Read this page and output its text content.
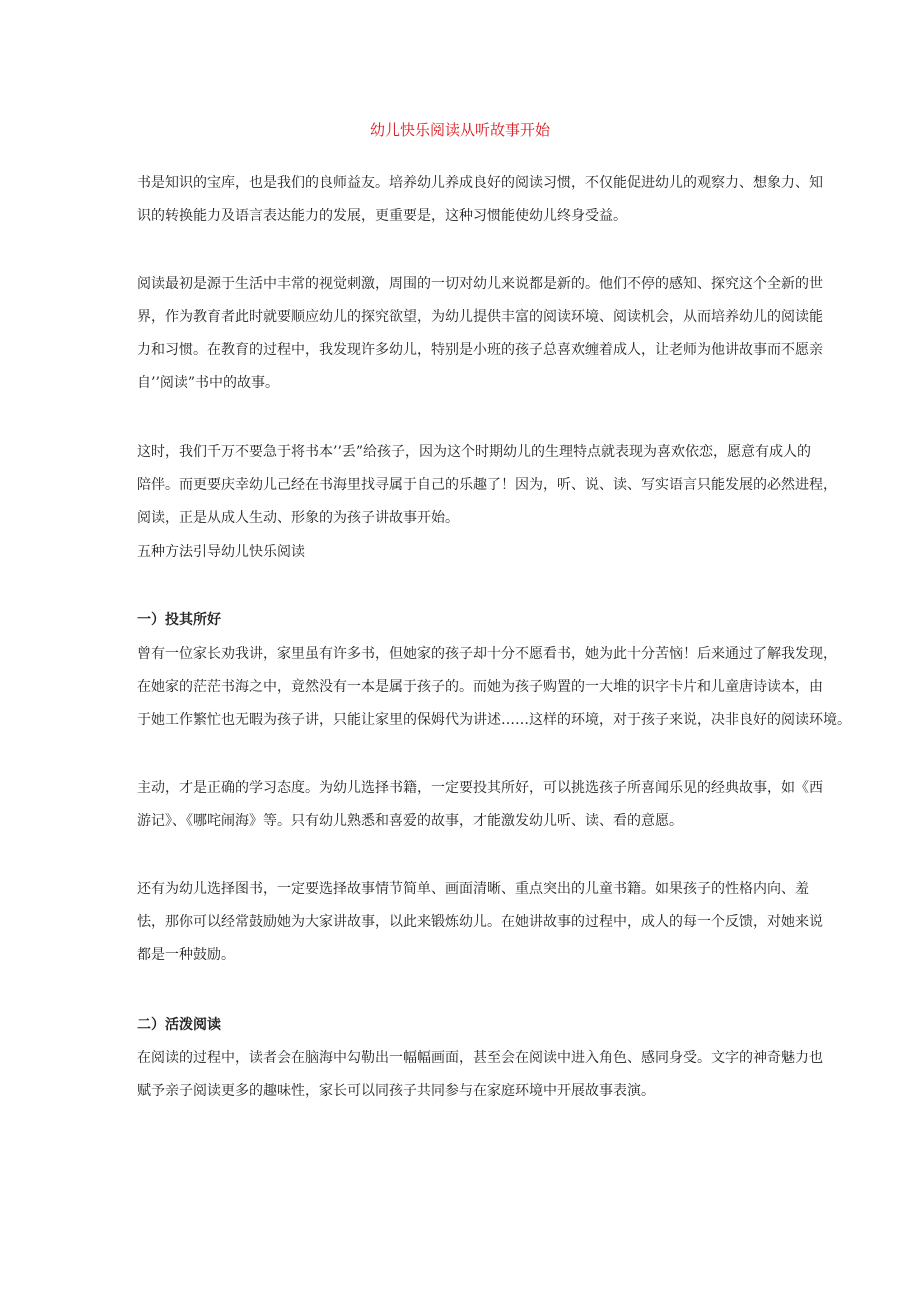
幼儿快乐阅读从听故事开始
书是知识的宝库，也是我们的良师益友。培养幼儿养成良好的阅读习惯，不仅能促进幼儿的观察力、想象力、知
识的转换能力及语言表达能力的发展，更重要是，这种习惯能使幼儿终身受益。
阅读最初是源于生活中丰常的视觉刺激，周围的一切对幼儿来说都是新的。他们不停的感知、探究这个全新的世
界，作为教育者此时就要顺应幼儿的探究欲望，为幼儿提供丰富的阅读环境、阅读机会，从而培养幼儿的阅读能
力和习惯。在教育的过程中，我发现许多幼儿，特别是小班的孩子总喜欢缠着成人，让老师为他讲故事而不愿亲
自’’阅读”书中的故事。
这时，我们千万不要急于将书本’’丢”给孩子，因为这个时期幼儿的生理特点就表现为喜欢依恋，愿意有成人的
陪伴。而更要庆幸幼儿己经在书海里找寻属于自己的乐趣了！因为，听、说、读、写实语言只能发展的必然进程，
阅读，正是从成人生动、形象的为孩子讲故事开始。
五种方法引导幼儿快乐阅读
一）投其所好
曾有一位家长劝我讲，家里虽有许多书，但她家的孩子却十分不愿看书，她为此十分苦恼！后来通过了解我发现，
在她家的茫茫书海之中，竟然没有一本是属于孩子的。而她为孩子购置的一大堆的识字卡片和儿童唐诗读本，由
于她工作繁忙也无暇为孩子讲，只能让家里的保姆代为讲述……这样的环境，对于孩子来说，决非良好的阅读环境。
主动，才是正确的学习态度。为幼儿选择书籍，一定要投其所好，可以挑选孩子所喜闻乐见的经典故事，如《西
游记》、《哪咤闹海》等。只有幼儿熟悉和喜爱的故事，才能激发幼儿听、读、看的意愿。
还有为幼儿选择图书，一定要选择故事情节简单、画面清晰、重点突出的儿童书籍。如果孩子的性格内向、羞
怯，那你可以经常鼓励她为大家讲故事，以此来锻炼幼儿。在她讲故事的过程中，成人的每一个反馈，对她来说
都是一种鼓励。
二）活泼阅读
在阅读的过程中，读者会在脑海中勾勒出一幅幅画面，甚至会在阅读中进入角色、感同身受。文字的神奇魅力也
赋予亲子阅读更多的趣味性，家长可以同孩子共同参与在家庭环境中开展故事表演。
